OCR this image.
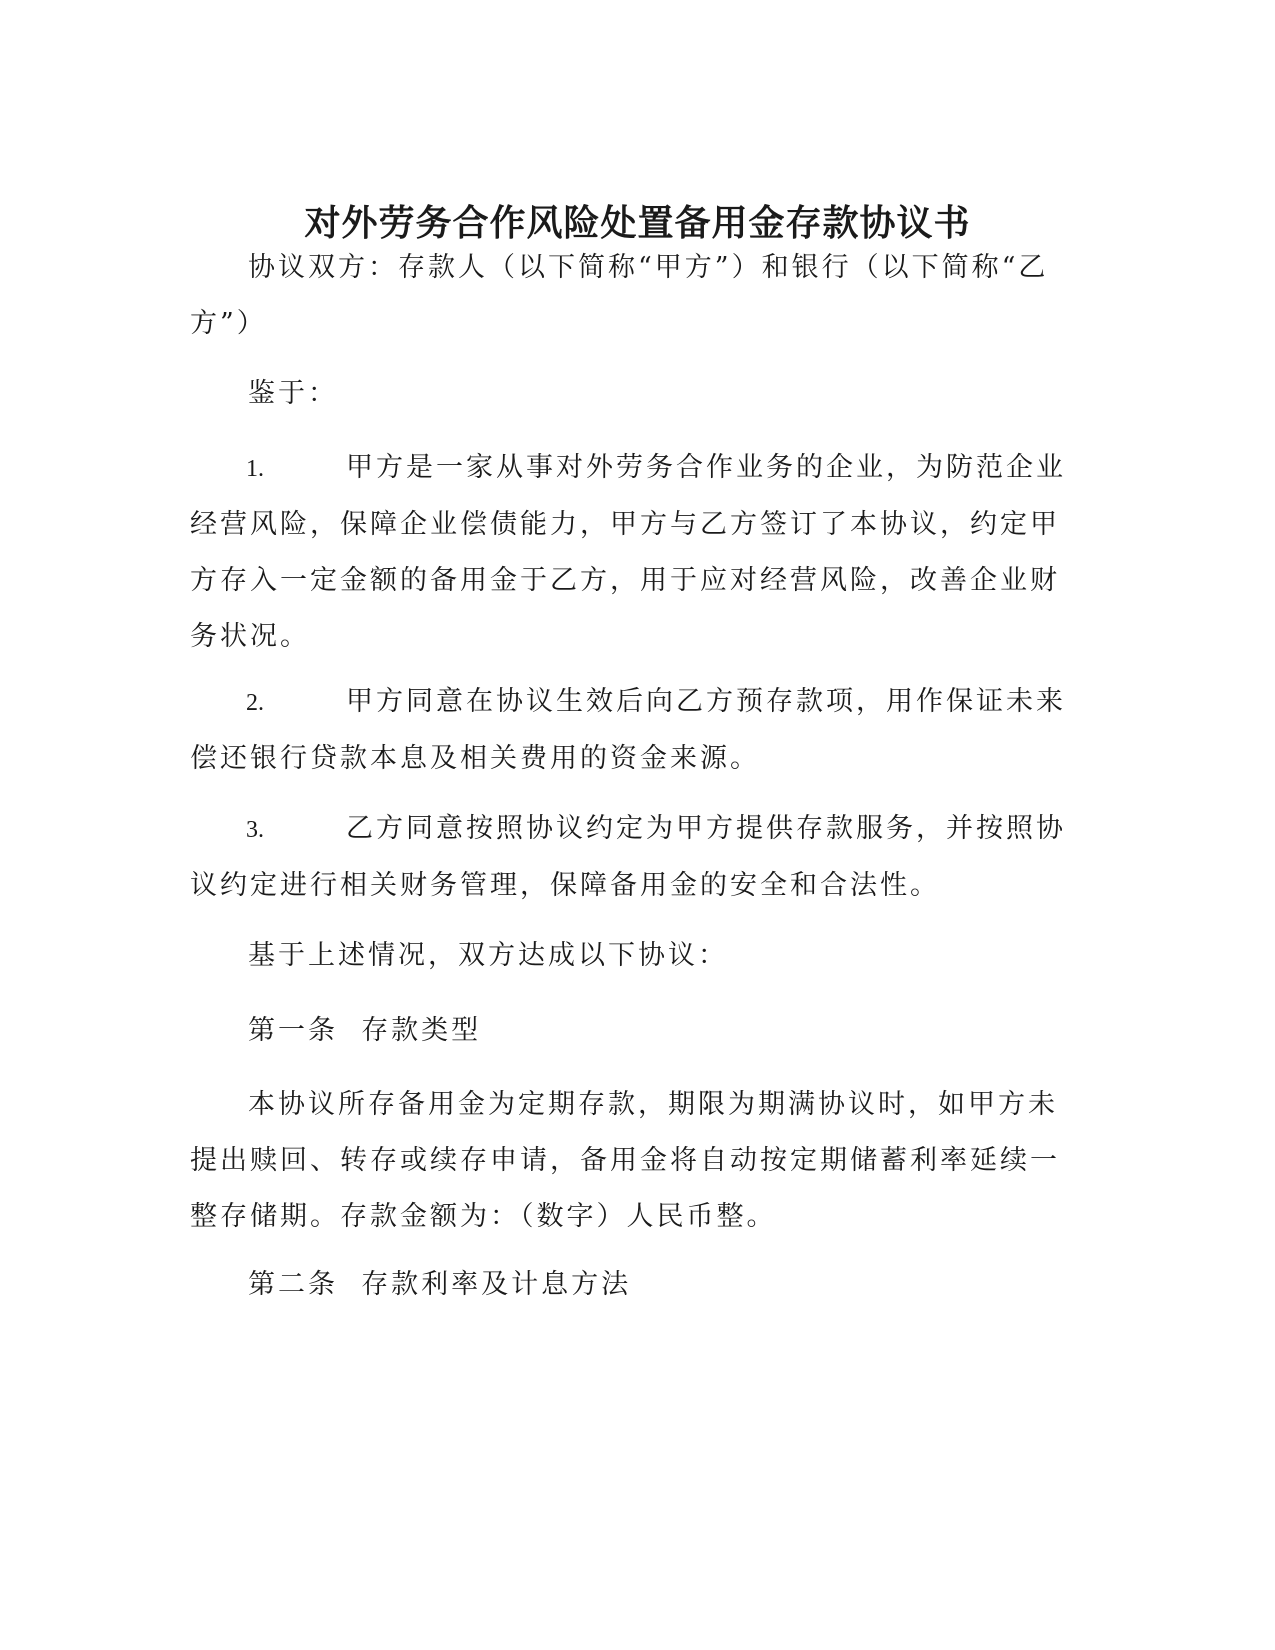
对外劳务合作风险处置备用金存款协议书

协议双方：存款人（以下简称“甲方”）和银行（以下简称“乙方”）

鉴于：

1.	甲方是一家从事对外劳务合作业务的企业，为防范企业经营风险，保障企业偿债能力，甲方与乙方签订了本协议，约定甲方存入一定金额的备用金于乙方，用于应对经营风险，改善企业财务状况。

2.	甲方同意在协议生效后向乙方预存款项，用作保证未来偿还银行贷款本息及相关费用的资金来源。

3.	乙方同意按照协议约定为甲方提供存款服务，并按照协议约定进行相关财务管理，保障备用金的安全和合法性。

基于上述情况，双方达成以下协议：

第一条  存款类型

本协议所存备用金为定期存款，期限为期满协议时，如甲方未提出赎回、转存或续存申请，备用金将自动按定期储蓄利率延续一整存储期。存款金额为：（数字）人民币整。

第二条  存款利率及计息方法
